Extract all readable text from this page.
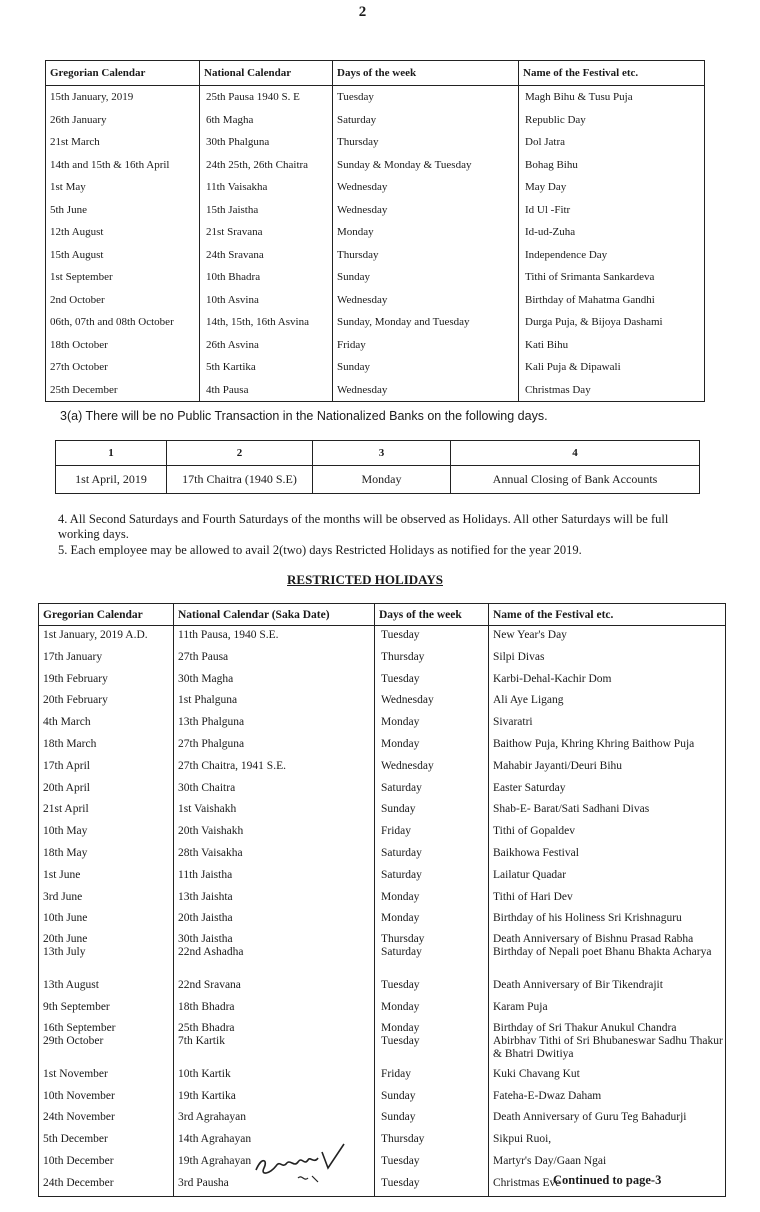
2
Gregorian Calendar	National Calendar	Days of the week	Name of the Festival etc.
15th January, 2019	25th Pausa 1940 S. E	Tuesday	Magh Bihu & Tusu Puja
26th January	6th Magha	Saturday	Republic Day
21st March	30th Phalguna	Thursday	Dol Jatra
14th and 15th & 16th April	24th 25th, 26th Chaitra	Sunday & Monday & Tuesday	Bohag Bihu
1st May	11th Vaisakha	Wednesday	May Day
5th June	15th Jaistha	Wednesday	Id Ul -Fitr
12th August	21st Sravana	Monday	Id-ud-Zuha
15th August	24th Sravana	Thursday	Independence Day
1st September	10th Bhadra	Sunday	Tithi of Srimanta Sankardeva
2nd October	10th Asvina	Wednesday	Birthday of Mahatma Gandhi
06th, 07th and 08th October	14th, 15th, 16th Asvina	Sunday, Monday and Tuesday	Durga Puja, & Bijoya Dashami
18th October	26th Asvina	Friday	Kati Bihu
27th October	5th Kartika	Sunday	Kali Puja & Dipawali
25th December	4th Pausa	Wednesday	Christmas Day
3(a) There will be no Public Transaction in the Nationalized Banks on the following days.
1	2	3	4
1st April, 2019	17th Chaitra (1940 S.E)	Monday	Annual Closing of Bank Accounts
4. All Second Saturdays and Fourth Saturdays of the months will be observed as Holidays. All other Saturdays will be full working days.
5. Each employee may be allowed to avail 2(two) days Restricted Holidays as notified for the year 2019.
RESTRICTED HOLIDAYS
Gregorian Calendar	National Calendar (Saka Date)	Days of the week	Name of the Festival etc.
1st January, 2019 A.D.	11th Pausa, 1940 S.E.	Tuesday	New Year's Day
17th January	27th Pausa	Thursday	Silpi Divas
19th February	30th Magha	Tuesday	Karbi-Dehal-Kachir Dom
20th February	1st Phalguna	Wednesday	Ali Aye Ligang
4th March	13th Phalguna	Monday	Sivaratri
18th March	27th Phalguna	Monday	Baithow Puja, Khring Khring Baithow Puja
17th April	27th Chaitra, 1941 S.E.	Wednesday	Mahabir Jayanti/Deuri Bihu
20th April	30th Chaitra	Saturday	Easter Saturday
21st April	1st Vaishakh	Sunday	Shab-E- Barat/Sati Sadhani Divas
10th May	20th Vaishakh	Friday	Tithi of Gopaldev
18th May	28th Vaisakha	Saturday	Baikhowa Festival
1st June	11th Jaistha	Saturday	Lailatur Quadar
3rd June	13th Jaishta	Monday	Tithi of Hari Dev
10th June	20th Jaistha	Monday	Birthday of his Holiness Sri Krishnaguru
20th June	30th Jaistha	Thursday	Death Anniversary of Bishnu Prasad Rabha
13th July	22nd Ashadha	Saturday	Birthday of Nepali poet Bhanu Bhakta Acharya
13th August	22nd Sravana	Tuesday	Death Anniversary of Bir Tikendrajit
9th September	18th Bhadra	Monday	Karam Puja
16th September	25th Bhadra	Monday	Birthday of Sri Thakur Anukul Chandra
29th October	7th Kartik	Tuesday	Abirbhav Tithi of Sri Bhubaneswar Sadhu Thakur & Bhatri Dwitiya
1st November	10th Kartik	Friday	Kuki Chavang Kut
10th November	19th Kartika	Sunday	Fateha-E-Dwaz Daham
24th November	3rd Agrahayan	Sunday	Death Anniversary of Guru Teg Bahadurji
5th December	14th Agrahayan	Thursday	Sikpui Ruoi,
10th December	19th Agrahayan	Tuesday	Martyr's Day/Gaan Ngai
24th December	3rd Pausha	Tuesday	Christmas Eve
Continued to page-3
